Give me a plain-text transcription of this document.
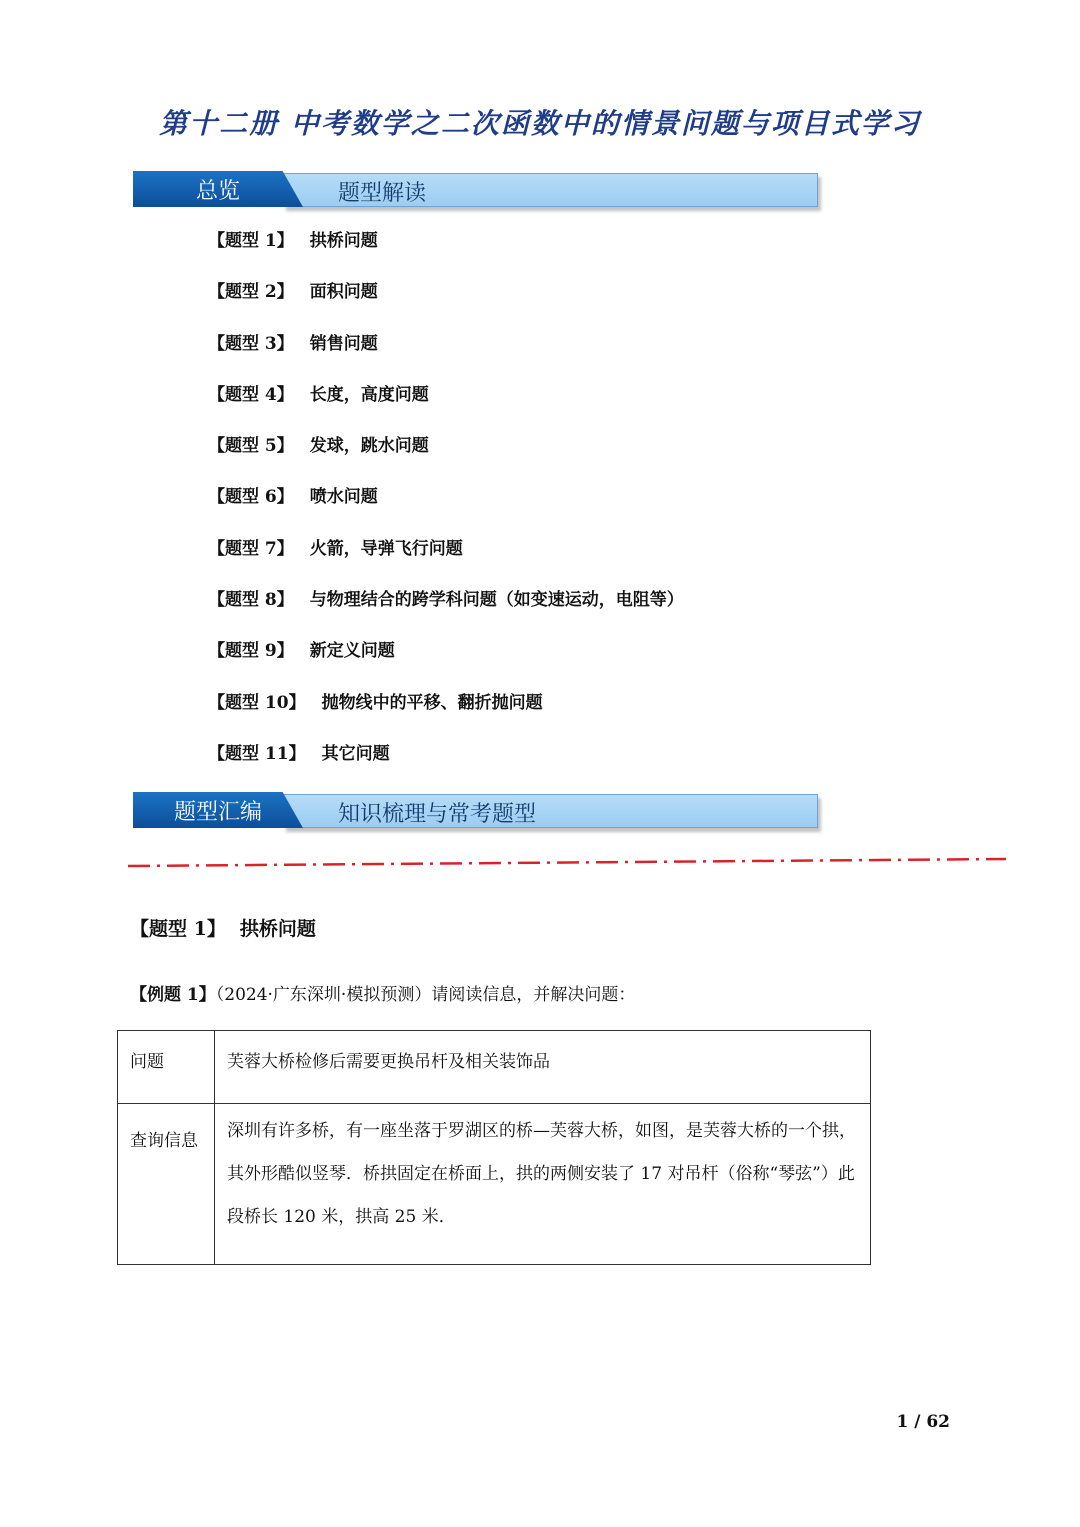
第十二册 中考数学之二次函数中的情景问题与项目式学习
题型解读
总览
【题型 1】 拱桥问题
【题型 2】 面积问题
【题型 3】 销售问题
【题型 4】 长度，高度问题
【题型 5】 发球，跳水问题
【题型 6】 喷水问题
【题型 7】 火箭，导弹飞行问题
【题型 8】 与物理结合的跨学科问题（如变速运动，电阻等）
【题型 9】 新定义问题
【题型 10】 抛物线中的平移、翻折抛问题
【题型 11】 其它问题
知识梳理与常考题型
题型汇编
【题型 1】 拱桥问题
【例题 1】（2024·广东深圳·模拟预测）请阅读信息，并解决问题：
问题	芙蓉大桥检修后需要更换吊杆及相关装饰品
查询信息	深圳有许多桥，有一座坐落于罗湖区的桥—芙蓉大桥，如图，是芙蓉大桥的一个拱，其外形酷似竖琴．桥拱固定在桥面上，拱的两侧安装了 17 对吊杆（俗称“琴弦”）此段桥长 120 米，拱高 25 米．
1 / 62
